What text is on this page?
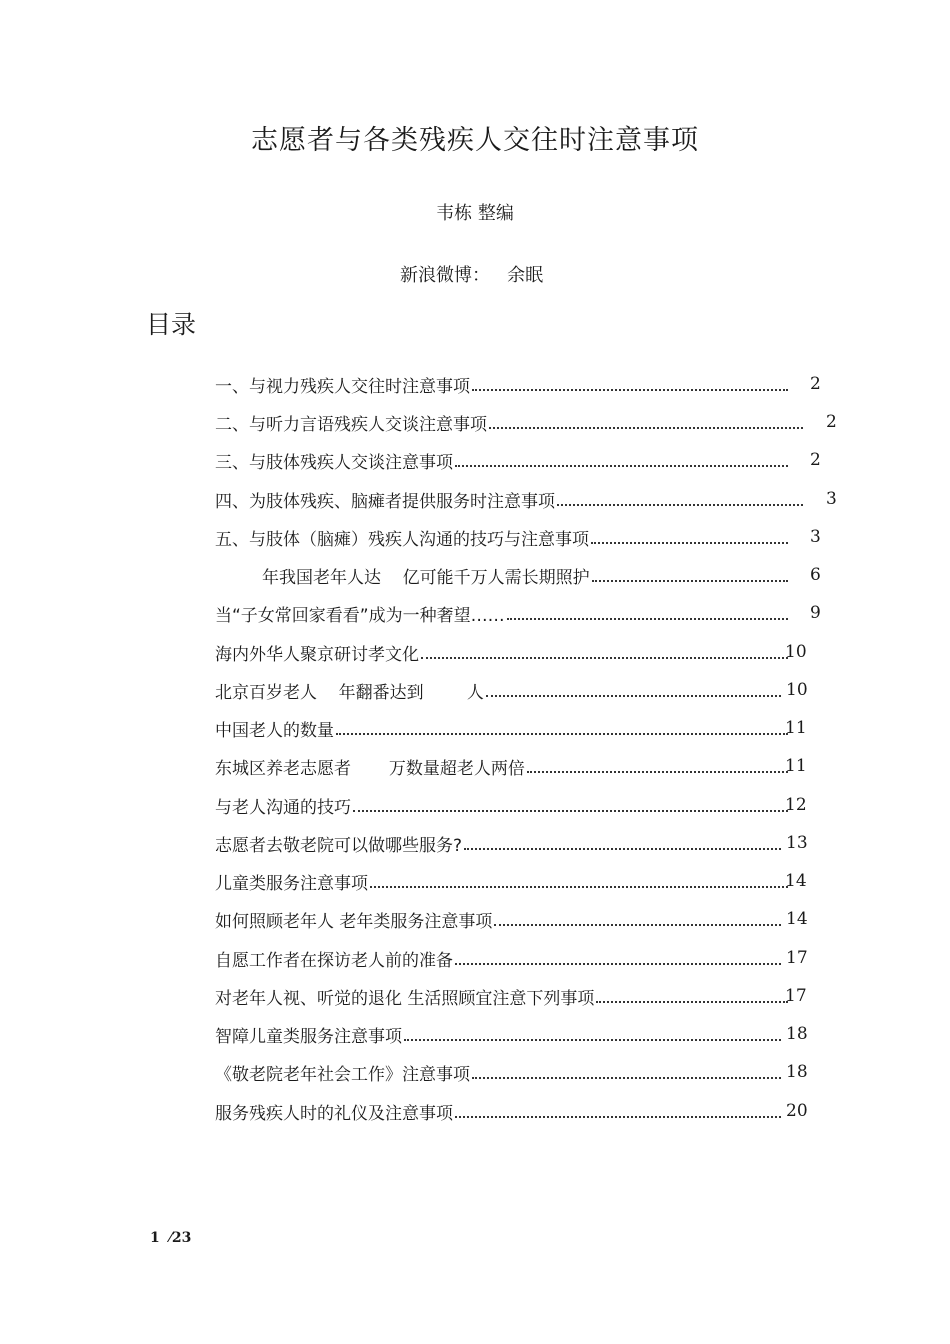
志愿者与各类残疾人交往时注意事项
韦栋 整编
新浪微博：   余眠
目录
一、与视力残疾人交往时注意事项	2
二、与听力言语残疾人交谈注意事项	2
三、与肢体残疾人交谈注意事项	2
四、为肢体残疾、脑瘫者提供服务时注意事项	3
五、与肢体（脑瘫）残疾人沟通的技巧与注意事项	3
年我国老年人达    亿可能千万人需长期照护	6
当“子女常回家看看”成为一种奢望……	9
海内外华人聚京研讨孝文化	10
北京百岁老人    年翻番达到        人	10
中国老人的数量	11
东城区养老志愿者       万数量超老人两倍	11
与老人沟通的技巧	12
志愿者去敬老院可以做哪些服务?	13
儿童类服务注意事项	14
如何照顾老年人 老年类服务注意事项	14
自愿工作者在探访老人前的准备	17
对老年人视、听觉的退化 生活照顾宜注意下列事项	17
智障儿童类服务注意事项	18
《敬老院老年社会工作》注意事项	18
服务残疾人时的礼仪及注意事项	20
1  ⁄23
